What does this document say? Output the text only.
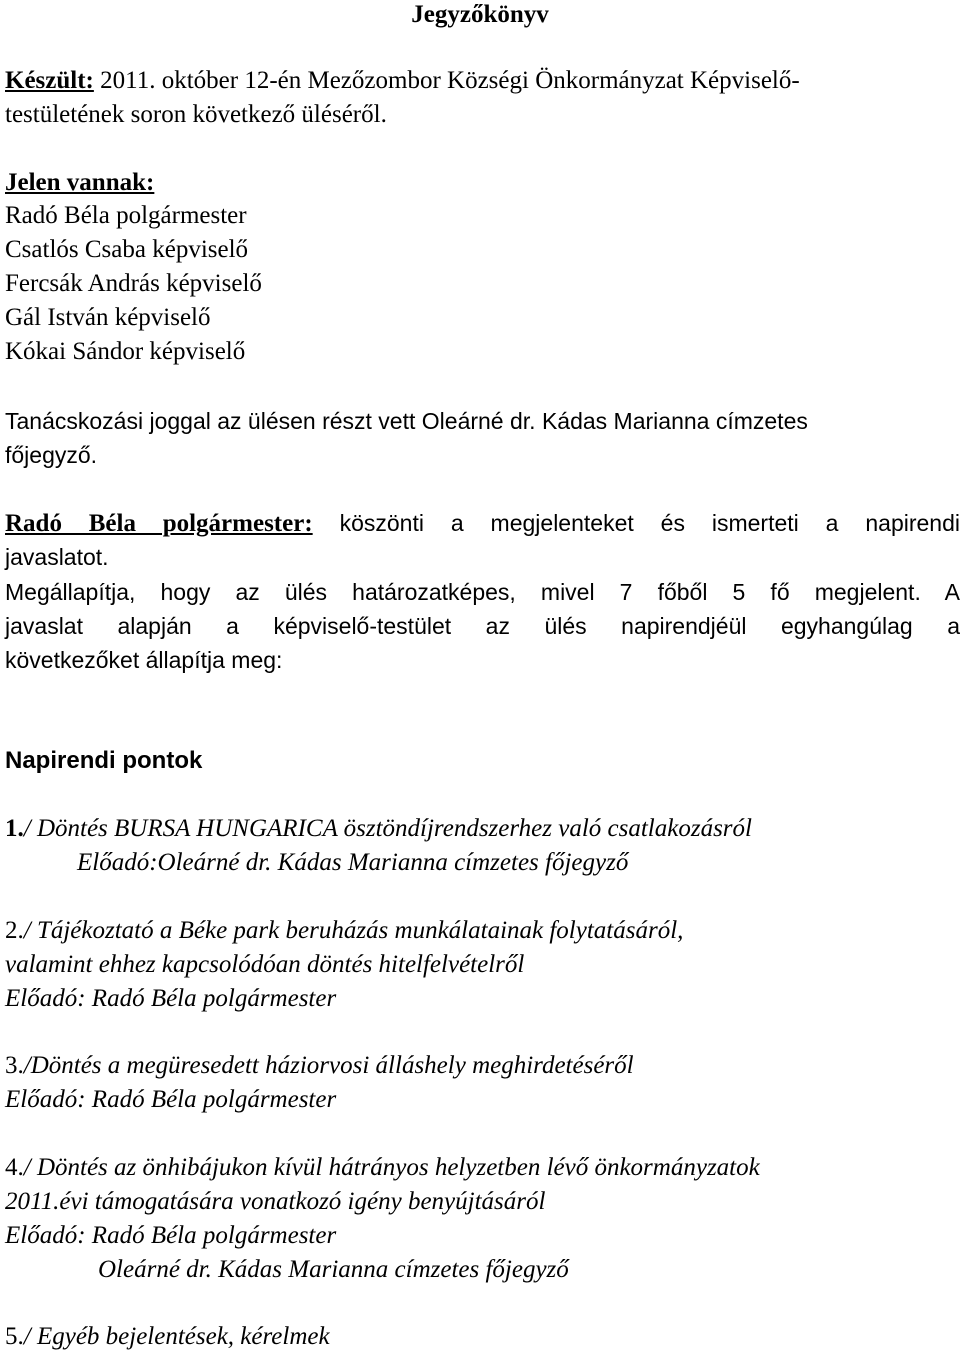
Jegyzőkönyv
Készült: 2011. október 12-én Mezőzombor Községi Önkormányzat Képviselő-
testületének soron következő üléséről.
Jelen vannak:
Radó Béla polgármester
Csatlós Csaba képviselő
Fercsák András képviselő
Gál István képviselő
Kókai Sándor képviselő
Tanácskozási joggal az ülésen részt vett Oleárné dr. Kádas Marianna címzetes
főjegyző.
Radó Béla polgármester: köszönti a megjelenteket és ismerteti a napirendi
javaslatot.
Megállapítja, hogy az ülés határozatképes, mivel 7 főből 5 fő megjelent. A
javaslat alapján a képviselő-testület az ülés napirendjéül egyhangúlag a
következőket állapítja meg:
Napirendi pontok
1./ Döntés BURSA HUNGARICA ösztöndíjrendszerhez való csatlakozásról
Előadó:Oleárné dr. Kádas Marianna címzetes főjegyző
2./ Tájékoztató a Béke park beruházás munkálatainak folytatásáról,
valamint ehhez kapcsolódóan döntés hitelfelvételről
Előadó: Radó Béla polgármester
3./Döntés a megüresedett háziorvosi álláshely meghirdetéséről
Előadó: Radó Béla polgármester
4./ Döntés az önhibájukon kívül hátrányos helyzetben lévő önkormányzatok
2011.évi támogatására vonatkozó igény benyújtásáról
Előadó: Radó Béla polgármester
Oleárné dr. Kádas Marianna címzetes főjegyző
5./ Egyéb bejelentések, kérelmek
